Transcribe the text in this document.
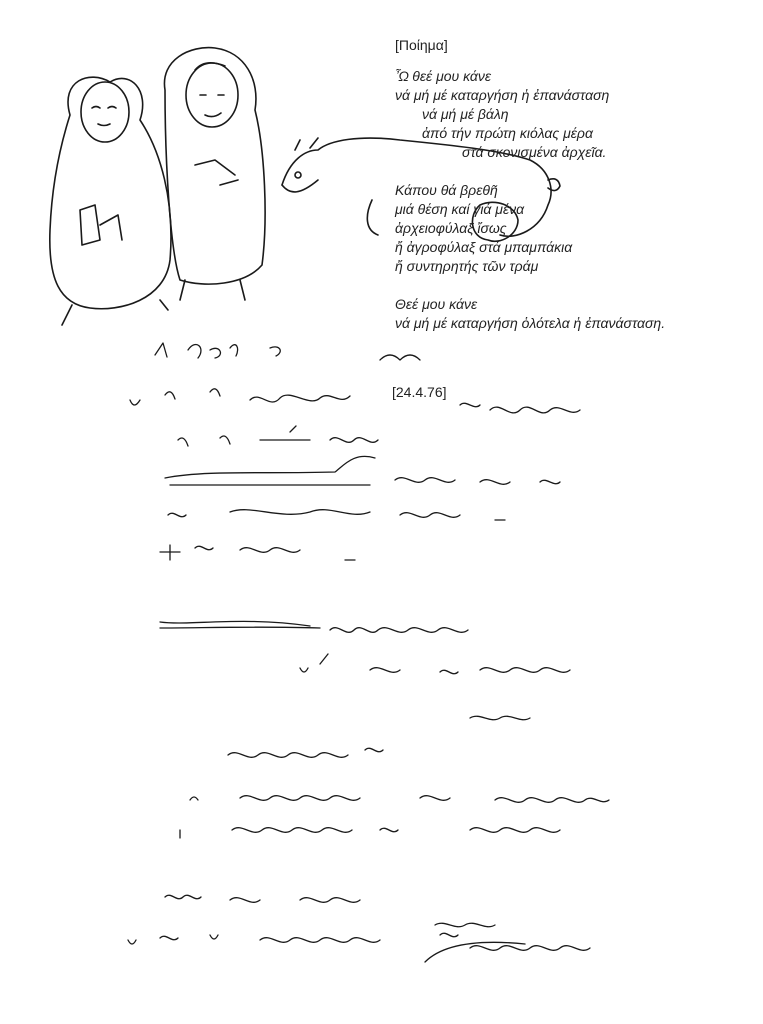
[Ποίημα]
Ὦ θεέ μου κάνε
νά μή μέ καταργήση ἡ ἐπανάσταση
νά μή μέ βάλη
ἀπό τήν πρώτη κιόλας μέρα
στά σκονισμένα ἀρχεῖα.
Κάπου θά βρεθῆ
μιά θέση καί γιά μένα
ἀρχειοφύλαξ ἴσως
ἤ ἀγροφύλαξ στά μπαμπάκια
ἤ συντηρητής τῶν τράμ
Θεέ μου κάνε
νά μή μέ καταργήση ὁλότελα ἡ ἐπανάσταση.
[24.4.76]
